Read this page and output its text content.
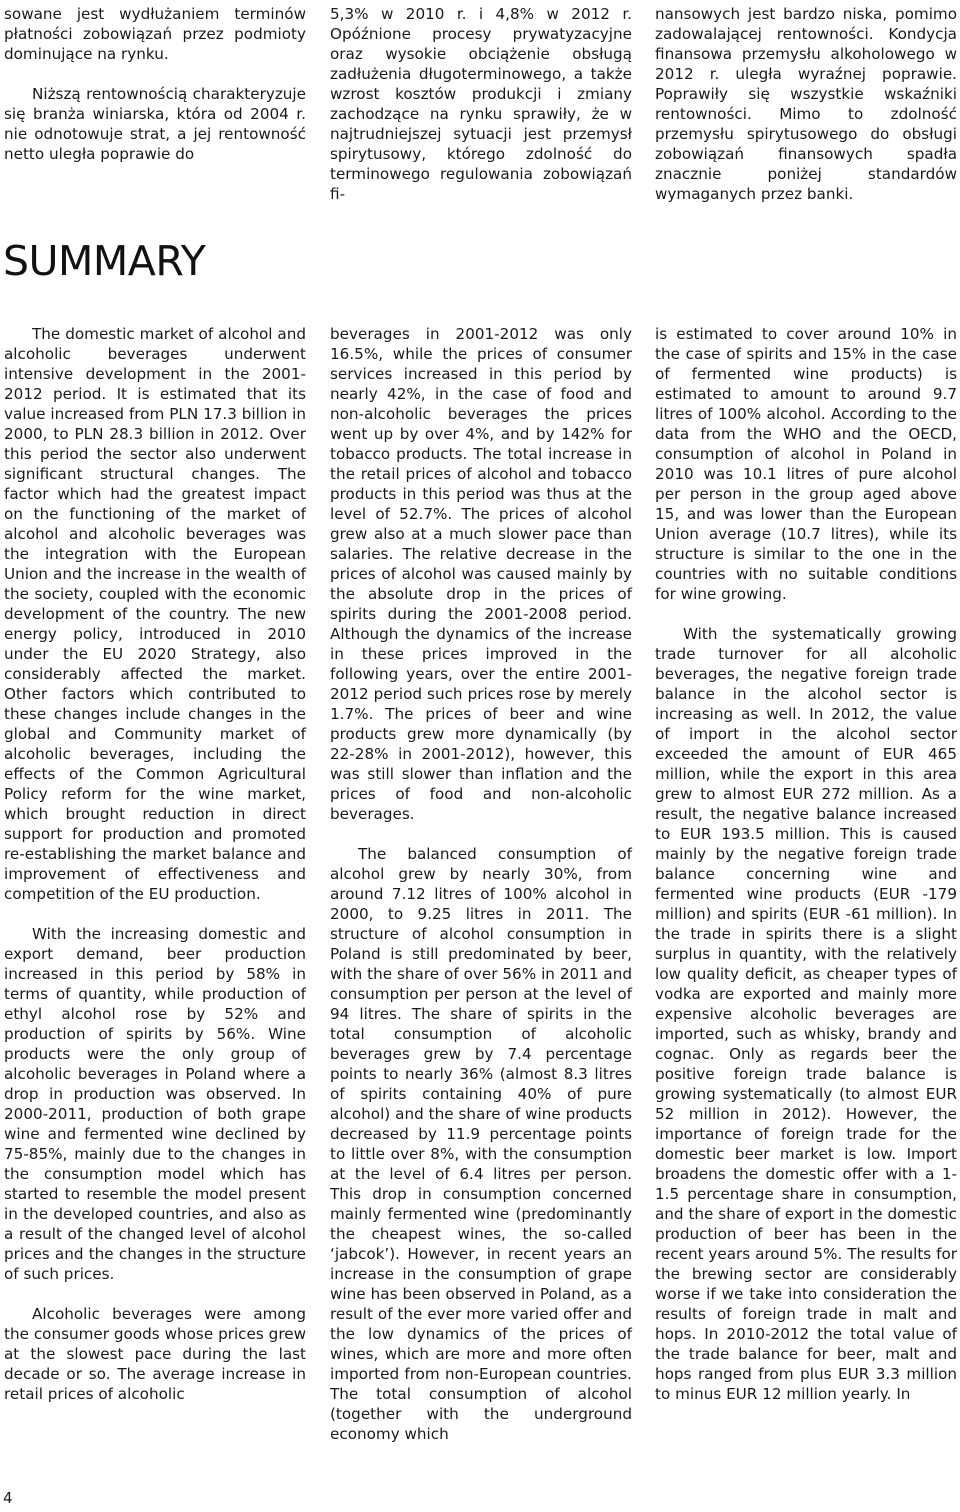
sowane jest wydłużaniem terminów płatności zobowiązań przez podmioty dominujące na rynku.

Niższą rentownością charakteryzuje się branża winiarska, która od 2004 r. nie odnotowuje strat, a jej rentowność netto uległa poprawie do

5,3% w 2010 r. i 4,8% w 2012 r. Opóźnione procesy prywatyzacyjne oraz wysokie obciążenie obsługą zadłużenia długoterminowego, a także wzrost kosztów produkcji i zmiany zachodzące na rynku sprawiły, że w najtrudniejszej sytuacji jest przemysł spirytusowy, którego zdolność do terminowego regulowania zobowiązań fi-

nansowych jest bardzo niska, pomimo zadowalającej rentowności. Kondycja finansowa przemysłu alkoholowego w 2012 r. uległa wyraźnej poprawie. Poprawiły się wszystkie wskaźniki rentowności. Mimo to zdolność przemysłu spirytusowego do obsługi zobowiązań finansowych spadła znacznie poniżej standardów wymaganych przez banki.

SUMMARY

The domestic market of alcohol and alcoholic beverages underwent intensive development in the 2001-2012 period. It is estimated that its value increased from PLN 17.3 billion in 2000, to PLN 28.3 billion in 2012. Over this period the sector also underwent significant structural changes. The factor which had the greatest impact on the functioning of the market of alcohol and alcoholic beverages was the integration with the European Union and the increase in the wealth of the society, coupled with the economic development of the country. The new energy policy, introduced in 2010 under the EU 2020 Strategy, also considerably affected the market. Other factors which contributed to these changes include changes in the global and Community market of alcoholic beverages, including the effects of the Common Agricultural Policy reform for the wine market, which brought reduction in direct support for production and promoted re-establishing the market balance and improvement of effectiveness and competition of the EU production.

With the increasing domestic and export demand, beer production increased in this period by 58% in terms of quantity, while production of ethyl alcohol rose by 52% and production of spirits by 56%. Wine products were the only group of alcoholic beverages in Poland where a drop in production was observed. In 2000-2011, production of both grape wine and fermented wine declined by 75-85%, mainly due to the changes in the consumption model which has started to resemble the model present in the developed countries, and also as a result of the changed level of alcohol prices and the changes in the structure of such prices.

Alcoholic beverages were among the consumer goods whose prices grew at the slowest pace during the last decade or so. The average increase in retail prices of alcoholic

beverages in 2001-2012 was only 16.5%, while the prices of consumer services increased in this period by nearly 42%, in the case of food and non-alcoholic beverages the prices went up by over 4%, and by 142% for tobacco products. The total increase in the retail prices of alcohol and tobacco products in this period was thus at the level of 52.7%. The prices of alcohol grew also at a much slower pace than salaries. The relative decrease in the prices of alcohol was caused mainly by the absolute drop in the prices of spirits during the 2001-2008 period. Although the dynamics of the increase in these prices improved in the following years, over the entire 2001-2012 period such prices rose by merely 1.7%. The prices of beer and wine products grew more dynamically (by 22-28% in 2001-2012), however, this was still slower than inflation and the prices of food and non-alcoholic beverages.

The balanced consumption of alcohol grew by nearly 30%, from around 7.12 litres of 100% alcohol in 2000, to 9.25 litres in 2011. The structure of alcohol consumption in Poland is still predominated by beer, with the share of over 56% in 2011 and consumption per person at the level of 94 litres. The share of spirits in the total consumption of alcoholic beverages grew by 7.4 percentage points to nearly 36% (almost 8.3 litres of spirits containing 40% of pure alcohol) and the share of wine products decreased by 11.9 percentage points to little over 8%, with the consumption at the level of 6.4 litres per person. This drop in consumption concerned mainly fermented wine (predominantly the cheapest wines, the so-called ‘jabcok’). However, in recent years an increase in the consumption of grape wine has been observed in Poland, as a result of the ever more varied offer and the low dynamics of the prices of wines, which are more and more often imported from non-European countries. The total consumption of alcohol (together with the underground economy which

is estimated to cover around 10% in the case of spirits and 15% in the case of fermented wine products) is estimated to amount to around 9.7 litres of 100% alcohol. According to the data from the WHO and the OECD, consumption of alcohol in Poland in 2010 was 10.1 litres of pure alcohol per person in the group aged above 15, and was lower than the European Union average (10.7 litres), while its structure is similar to the one in the countries with no suitable conditions for wine growing.

With the systematically growing trade turnover for all alcoholic beverages, the negative foreign trade balance in the alcohol sector is increasing as well. In 2012, the value of import in the alcohol sector exceeded the amount of EUR 465 million, while the export in this area grew to almost EUR 272 million. As a result, the negative balance increased to EUR 193.5 million. This is caused mainly by the negative foreign trade balance concerning wine and fermented wine products (EUR -179 million) and spirits (EUR -61 million). In the trade in spirits there is a slight surplus in quantity, with the relatively low quality deficit, as cheaper types of vodka are exported and mainly more expensive alcoholic beverages are imported, such as whisky, brandy and cognac. Only as regards beer the positive foreign trade balance is growing systematically (to almost EUR 52 million in 2012). However, the importance of foreign trade for the domestic beer market is low. Import broadens the domestic offer with a 1-1.5 percentage share in consumption, and the share of export in the domestic production of beer has been in the recent years around 5%. The results for the brewing sector are considerably worse if we take into consideration the results of foreign trade in malt and hops. In 2010-2012 the total value of the trade balance for beer, malt and hops ranged from plus EUR 3.3 million to minus EUR 12 million yearly. In

4
